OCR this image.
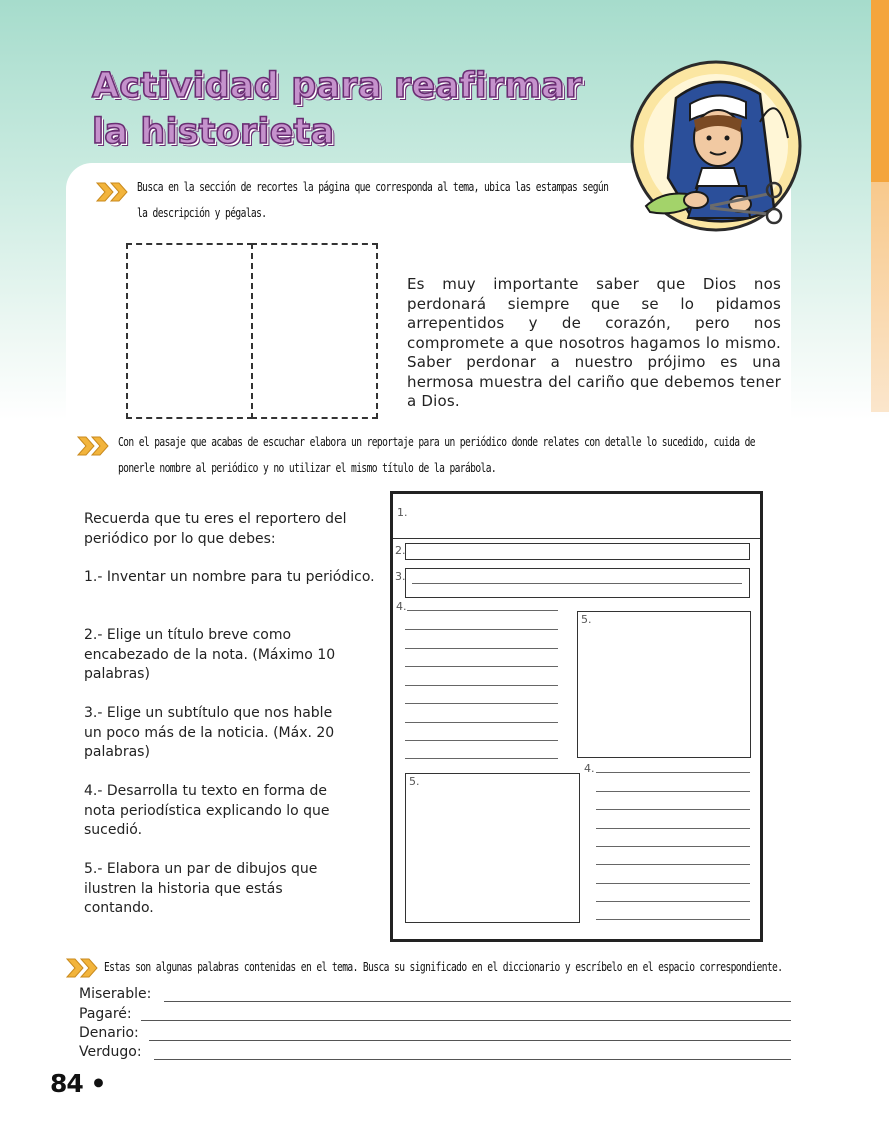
Actividad para reafirmar
la historieta
Busca en la sección de recortes la página que corresponda al tema, ubica las estampas según
la descripción y pégalas.
Es muy importante saber que Dios nos perdonará siempre que se lo pidamos arrepentidos y de corazón, pero nos compromete a que nosotros hagamos lo mismo. Saber perdonar a nuestro prójimo es una hermosa muestra del cariño que debemos tener a Dios.
Con el pasaje que acabas de escuchar elabora un reportaje para un periódico donde relates con detalle lo sucedido, cuida de
ponerle nombre al periódico y no utilizar el mismo título de la parábola.
Recuerda que tu eres el reportero del periódico por lo que debes:
1.- Inventar un nombre para tu periódico.
2.- Elige un título breve como encabezado de la nota. (Máximo 10 palabras)
3.- Elige un subtítulo que nos hable un poco más de la noticia. (Máx. 20 palabras)
4.- Desarrolla tu texto en forma de nota periodística explicando lo que sucedió.
5.- Elabora un par de dibujos que ilustren la historia que estás contando.
1.
2.
3.
4.
5.
5.
4.
Estas son algunas palabras contenidas en el tema. Busca su significado en el diccionario y escríbelo en el espacio correspondiente.
Miserable:
Pagaré:
Denario:
Verdugo:
84 •
